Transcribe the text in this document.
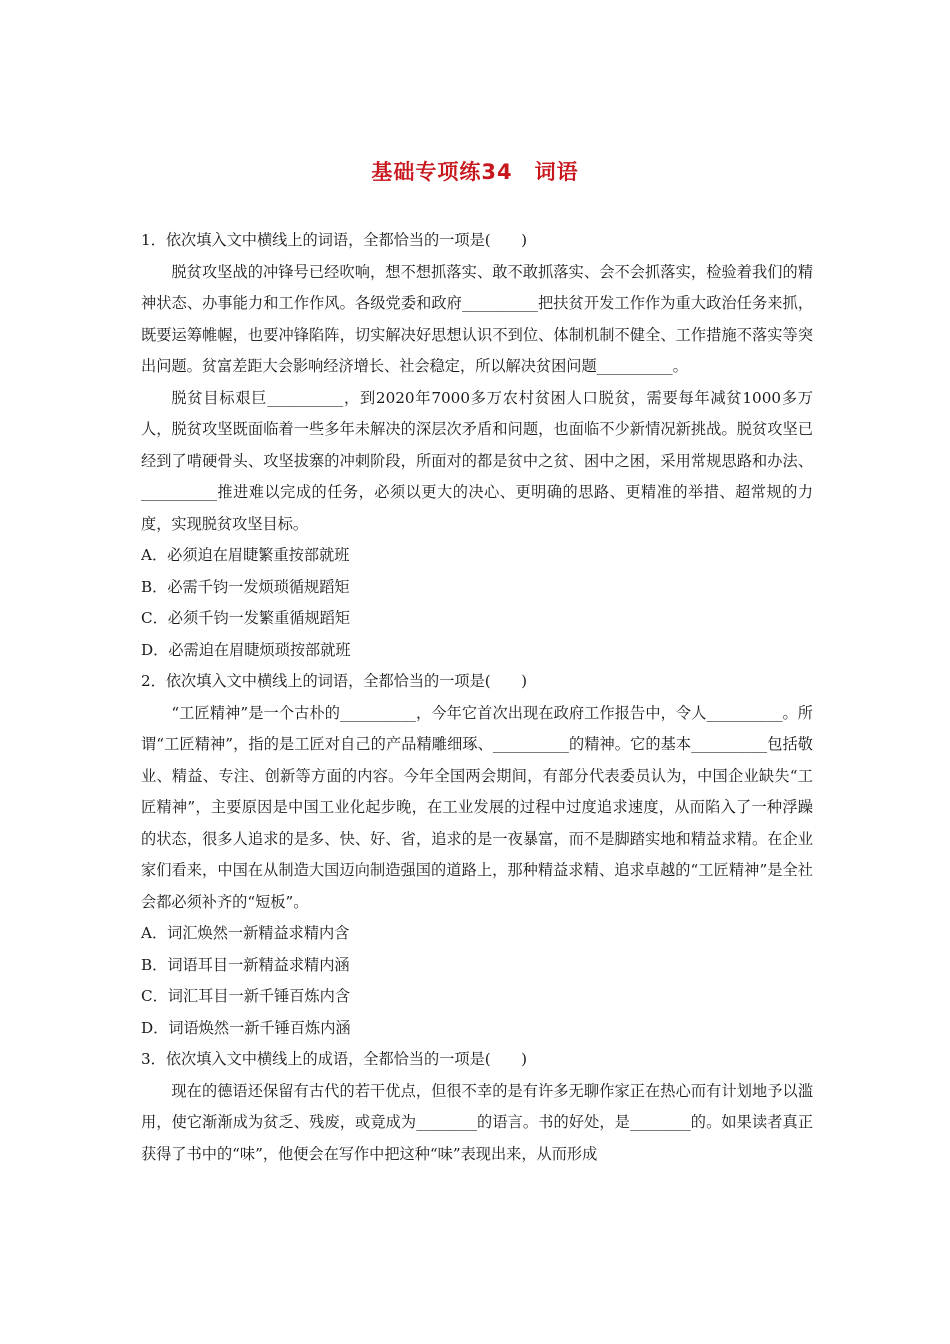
基础专项练34　词语
1．依次填入文中横线上的词语，全都恰当的一项是(　　)
脱贫攻坚战的冲锋号已经吹响，想不想抓落实、敢不敢抓落实、会不会抓落实，检验着我们的精神状态、办事能力和工作作风。各级党委和政府__________把扶贫开发工作作为重大政治任务来抓，既要运筹帷幄，也要冲锋陷阵，切实解决好思想认识不到位、体制机制不健全、工作措施不落实等突出问题。贫富差距大会影响经济增长、社会稳定，所以解决贫困问题__________。
脱贫目标艰巨__________，到2020年7000多万农村贫困人口脱贫，需要每年减贫1000多万人，脱贫攻坚既面临着一些多年未解决的深层次矛盾和问题，也面临不少新情况新挑战。脱贫攻坚已经到了啃硬骨头、攻坚拔寨的冲刺阶段，所面对的都是贫中之贫、困中之困，采用常规思路和办法、__________推进难以完成的任务，必须以更大的决心、更明确的思路、更精准的举措、超常规的力度，实现脱贫攻坚目标。
A．必须迫在眉睫繁重按部就班
B．必需千钧一发烦琐循规蹈矩
C．必须千钧一发繁重循规蹈矩
D．必需迫在眉睫烦琐按部就班
2．依次填入文中横线上的词语，全都恰当的一项是(　　)
“工匠精神”是一个古朴的__________，今年它首次出现在政府工作报告中，令人__________。所谓“工匠精神”，指的是工匠对自己的产品精雕细琢、__________的精神。它的基本__________包括敬业、精益、专注、创新等方面的内容。今年全国两会期间，有部分代表委员认为，中国企业缺失“工匠精神”，主要原因是中国工业化起步晚，在工业发展的过程中过度追求速度，从而陷入了一种浮躁的状态，很多人追求的是多、快、好、省，追求的是一夜暴富，而不是脚踏实地和精益求精。在企业家们看来，中国在从制造大国迈向制造强国的道路上，那种精益求精、追求卓越的“工匠精神”是全社会都必须补齐的“短板”。
A．词汇焕然一新精益求精内含
B．词语耳目一新精益求精内涵
C．词汇耳目一新千锤百炼内含
D．词语焕然一新千锤百炼内涵
3．依次填入文中横线上的成语，全都恰当的一项是(　　)
现在的德语还保留有古代的若干优点，但很不幸的是有许多无聊作家正在热心而有计划地予以滥用，使它渐渐成为贫乏、残废，或竟成为________的语言。书的好处，是________的。如果读者真正获得了书中的“味”，他便会在写作中把这种“味”表现出来，从而形成
